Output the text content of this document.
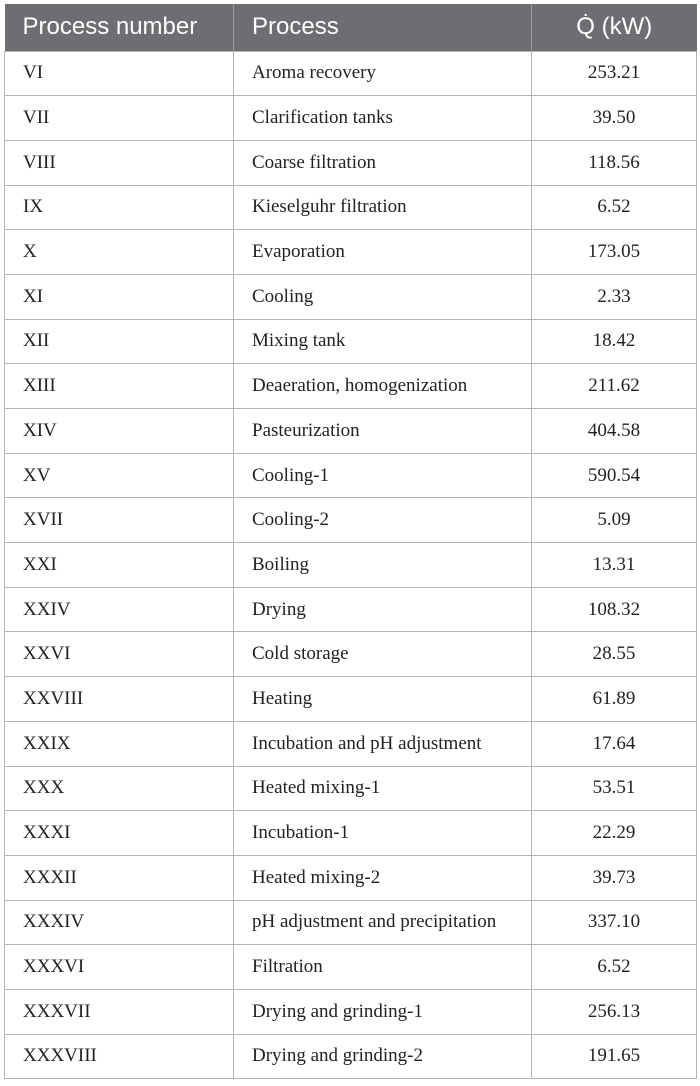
Process number	Process	Q̇ (kW)
VI	Aroma recovery	253.21
VII	Clarification tanks	39.50
VIII	Coarse filtration	118.56
IX	Kieselguhr filtration	6.52
X	Evaporation	173.05
XI	Cooling	2.33
XII	Mixing tank	18.42
XIII	Deaeration, homogenization	211.62
XIV	Pasteurization	404.58
XV	Cooling-1	590.54
XVII	Cooling-2	5.09
XXI	Boiling	13.31
XXIV	Drying	108.32
XXVI	Cold storage	28.55
XXVIII	Heating	61.89
XXIX	Incubation and pH adjustment	17.64
XXX	Heated mixing-1	53.51
XXXI	Incubation-1	22.29
XXXII	Heated mixing-2	39.73
XXXIV	pH adjustment and precipitation	337.10
XXXVI	Filtration	6.52
XXXVII	Drying and grinding-1	256.13
XXXVIII	Drying and grinding-2	191.65
